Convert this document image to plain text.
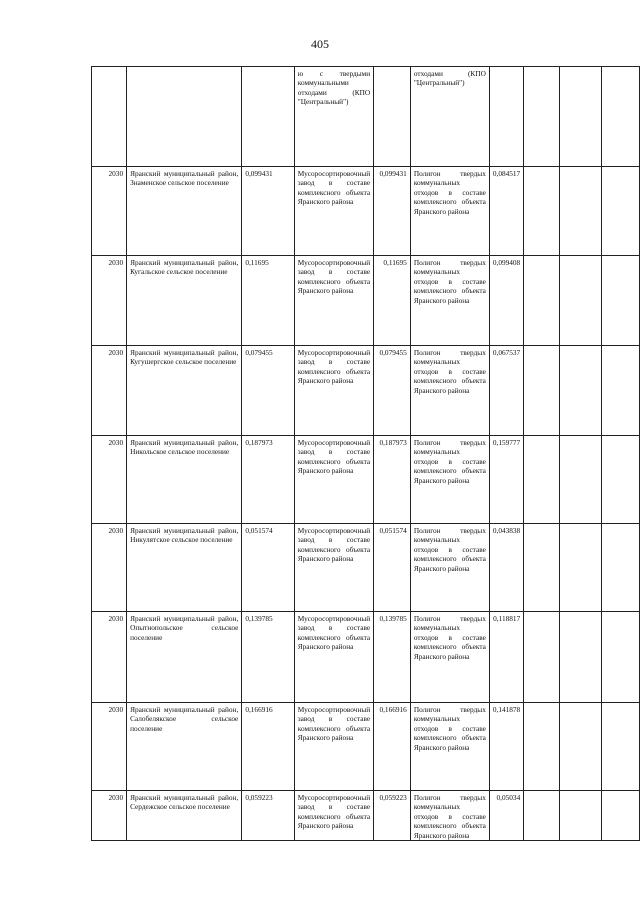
405

			ю с твердыми коммунальными отходами (КПО "Центральный")		отходами (КПО "Центральный")				

2030	Яранский муниципальный район, Знаменское сельское поселение	0,099431	Мусоросортировочный завод в составе комплексного объекта Яранского района	0,099431	Полигон твердых коммунальных отходов в составе комплексного объекта Яранского района	0,084517			

2030	Яранский муниципальный район, Кугальское сельское поселение	0,11695	Мусоросортировочный завод в составе комплексного объекта Яранского района	0,11695	Полигон твердых коммунальных отходов в составе комплексного объекта Яранского района	0,099408			

2030	Яранский муниципальный район, Кугушергское сельское поселение	0,079455	Мусоросортировочный завод в составе комплексного объекта Яранского района	0,079455	Полигон твердых коммунальных отходов в составе комплексного объекта Яранского района	0,067537			

2030	Яранский муниципальный район, Никольское сельское поселение	0,187973	Мусоросортировочный завод в составе комплексного объекта Яранского района	0,187973	Полигон твердых коммунальных отходов в составе комплексного объекта Яранского района	0,159777			

2030	Яранский муниципальный район, Никулятское сельское поселение	0,051574	Мусоросортировочный завод в составе комплексного объекта Яранского района	0,051574	Полигон твердых коммунальных отходов в составе комплексного объекта Яранского района	0,043838			

2030	Яранский муниципальный район, Опытнопольское сельское поселение	0,139785	Мусоросортировочный завод в составе комплексного объекта Яранского района	0,139785	Полигон твердых коммунальных отходов в составе комплексного объекта Яранского района	0,118817			

2030	Яранский муниципальный район, Салобелякское сельское поселение	0,166916	Мусоросортировочный завод в составе комплексного объекта Яранского района	0,166916	Полигон твердых коммунальных отходов в составе комплексного объекта Яранского района	0,141878			

2030	Яранский муниципальный район, Сердежское сельское поселение	0,059223	Мусоросортировочный завод в составе комплексного объекта Яранского района	0,059223	Полигон твердых коммунальных отходов в составе комплексного объекта Яранского района	0,05034			
